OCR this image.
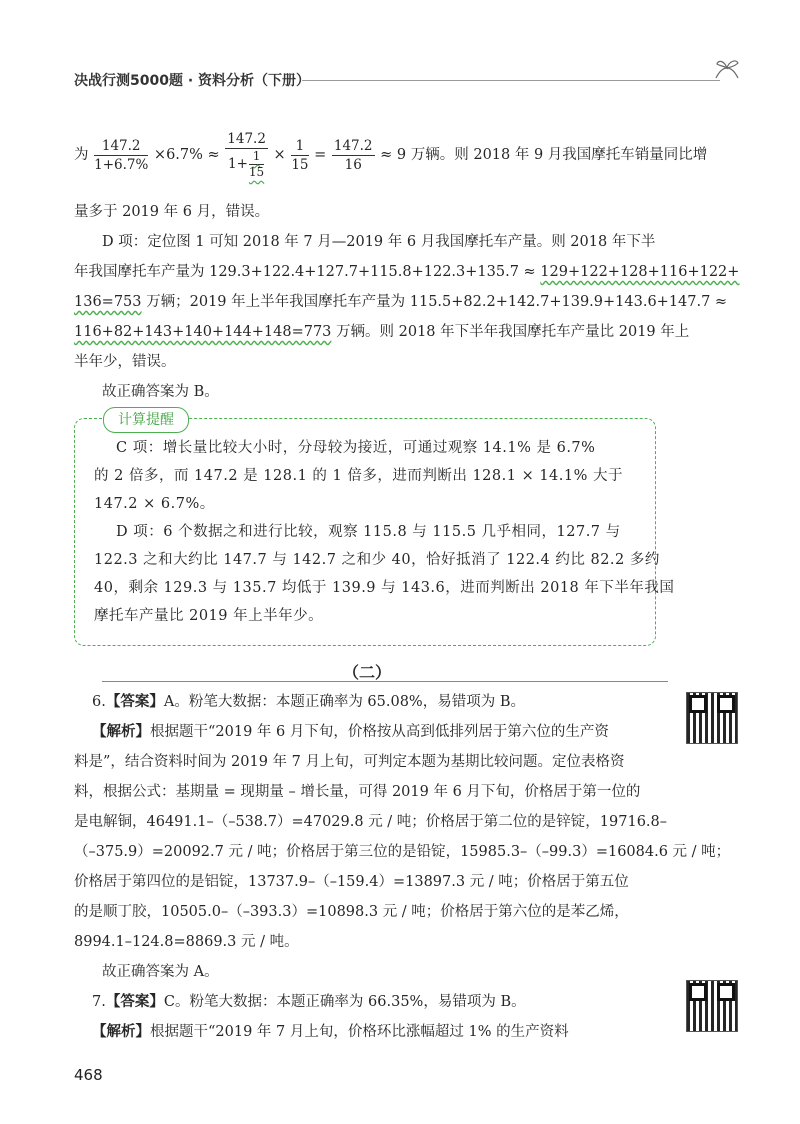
决战行测5000题 · 资料分析（下册）
为 $\frac{147.2}{1+6.7\%} \times 6.7\% \approx \frac{147.2}{1+ \frac{1}{15}} \times \frac{1}{15} = \frac{147.2}{16} \approx 9$ 万辆。则 2018 年 9 月我国摩托车销量同比增
量多于 2019 年 6 月，错误。
D 项：定位图 1 可知 2018 年 7 月—2019 年 6 月我国摩托车产量。则 2018 年下半
年我国摩托车产量为 129.3+122.4+127.7+115.8+122.3+135.7 ≈ 129+122+128+116+122+
136=753 万辆；2019 年上半年我国摩托车产量为 115.5+82.2+142.7+139.9+143.6+147.7 ≈
116+82+143+140+144+148=773 万辆。则 2018 年下半年我国摩托车产量比 2019 年上
半年少，错误。
故正确答案为 B。
计算提醒
C 项：增长量比较大小时，分母较为接近，可通过观察 14.1% 是 6.7%
的 2 倍多，而 147.2 是 128.1 的 1 倍多，进而判断出 128.1 × 14.1% 大于
147.2 × 6.7%。
D 项：6 个数据之和进行比较，观察 115.8 与 115.5 几乎相同，127.7 与
122.3 之和大约比 147.7 与 142.7 之和少 40，恰好抵消了 122.4 约比 82.2 多约
40，剩余 129.3 与 135.7 均低于 139.9 与 143.6，进而判断出 2018 年下半年我国
摩托车产量比 2019 年上半年少。
（二）
6.【答案】A。粉笔大数据：本题正确率为 65.08%，易错项为 B。
【解析】根据题干“2019 年 6 月下旬，价格按从高到低排列居于第六位的生产资
料是”，结合资料时间为 2019 年 7 月上旬，可判定本题为基期比较问题。定位表格资
料，根据公式：基期量 = 现期量 – 增长量，可得 2019 年 6 月下旬，价格居于第一位的
是电解铜，46491.1–（–538.7）=47029.8 元 / 吨；价格居于第二位的是锌锭，19716.8–
（–375.9）=20092.7 元 / 吨；价格居于第三位的是铅锭，15985.3–（–99.3）=16084.6 元 / 吨；
价格居于第四位的是铝锭，13737.9–（–159.4）=13897.3 元 / 吨；价格居于第五位
的是顺丁胶，10505.0–（–393.3）=10898.3 元 / 吨；价格居于第六位的是苯乙烯，
8994.1–124.8=8869.3 元 / 吨。
故正确答案为 A。
7.【答案】C。粉笔大数据：本题正确率为 66.35%，易错项为 B。
【解析】根据题干“2019 年 7 月上旬，价格环比涨幅超过 1% 的生产资料
468
